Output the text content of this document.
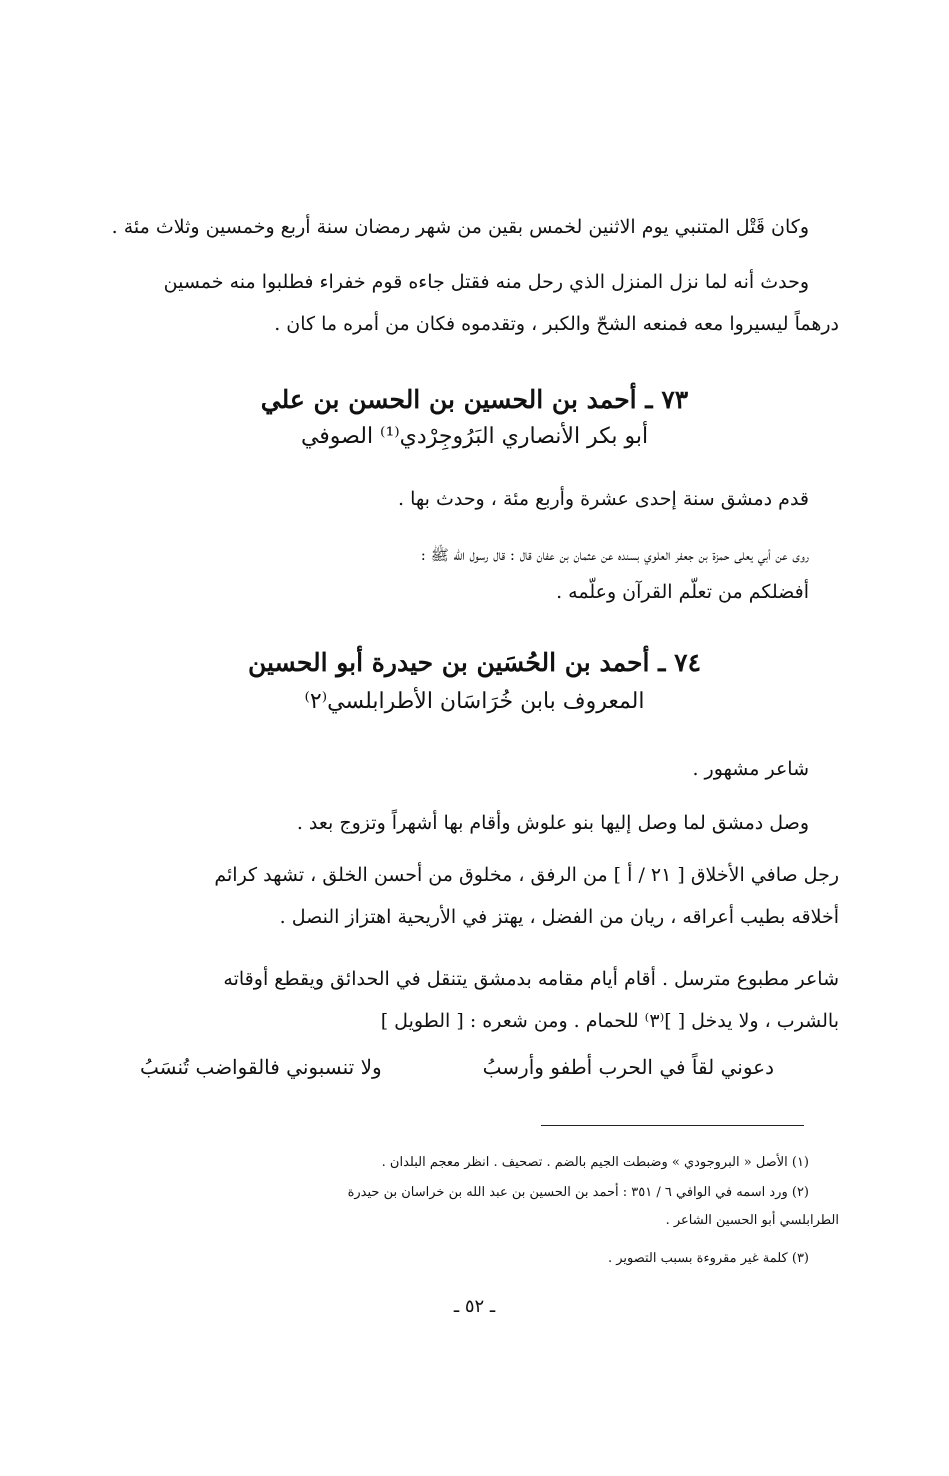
وكان قَتْل المتنبي يوم الاثنين لخمس بقين من شهر رمضان سنة أربع وخمسين وثلاث مئة .
وحدث أنه لما نزل المنزل الذي رحل منه فقتل جاءه قوم خفراء فطلبوا منه خمسين
درهماً ليسيروا معه فمنعه الشحّ والكبر ، وتقدموه فكان من أمره ما كان .
٧٣ ـ أحمد بن الحسين بن الحسن بن علي
أبو بكر الأنصاري البَرُوجِرْدي⁽¹⁾ الصوفي
قدم دمشق سنة إحدى عشرة وأربع مئة ، وحدث بها .
روى عن أبي يعلى حمزة بن جعفر العلوي بسنده عن عثمان بن عفان قال : قال رسول الله ﷺ :
أفضلكم من تعلّم القرآن وعلّمه .
٧٤ ـ أحمد بن الحُسَين بن حيدرة أبو الحسين
المعروف بابن خُرَاسَان الأطرابلسي⁽٢⁾
شاعر مشهور .
وصل دمشق لما وصل إليها بنو علوش وأقام بها أشهراً وتزوج بعد .
رجل صافي الأخلاق [ ٢١ / أ ] من الرفق ، مخلوق من أحسن الخلق ، تشهد كرائم
أخلاقه بطيب أعراقه ، ريان من الفضل ، يهتز في الأريحية اهتزاز النصل .
شاعر مطبوع مترسل . أقام أيام مقامه بدمشق يتنقل في الحدائق ويقطع أوقاته
بالشرب ، ولا يدخل [ ]⁽٣⁾ للحمام . ومن شعره : [ الطويل ]
دعوني لقاً في الحرب أطفو وأرسبُ
ولا تنسبوني فالقواضب تُنسَبُ
(١) الأصل « البروجودي » وضبطت الجيم بالضم . تصحيف . انظر معجم البلدان .
(٢) ورد اسمه في الوافي ٦ / ٣٥١ : أحمد بن الحسين بن عبد الله بن خراسان بن حيدرة
الطرابلسي أبو الحسين الشاعر .
(٣) كلمة غير مقروءة بسبب التصوير .
ـ ٥٢ ـ
